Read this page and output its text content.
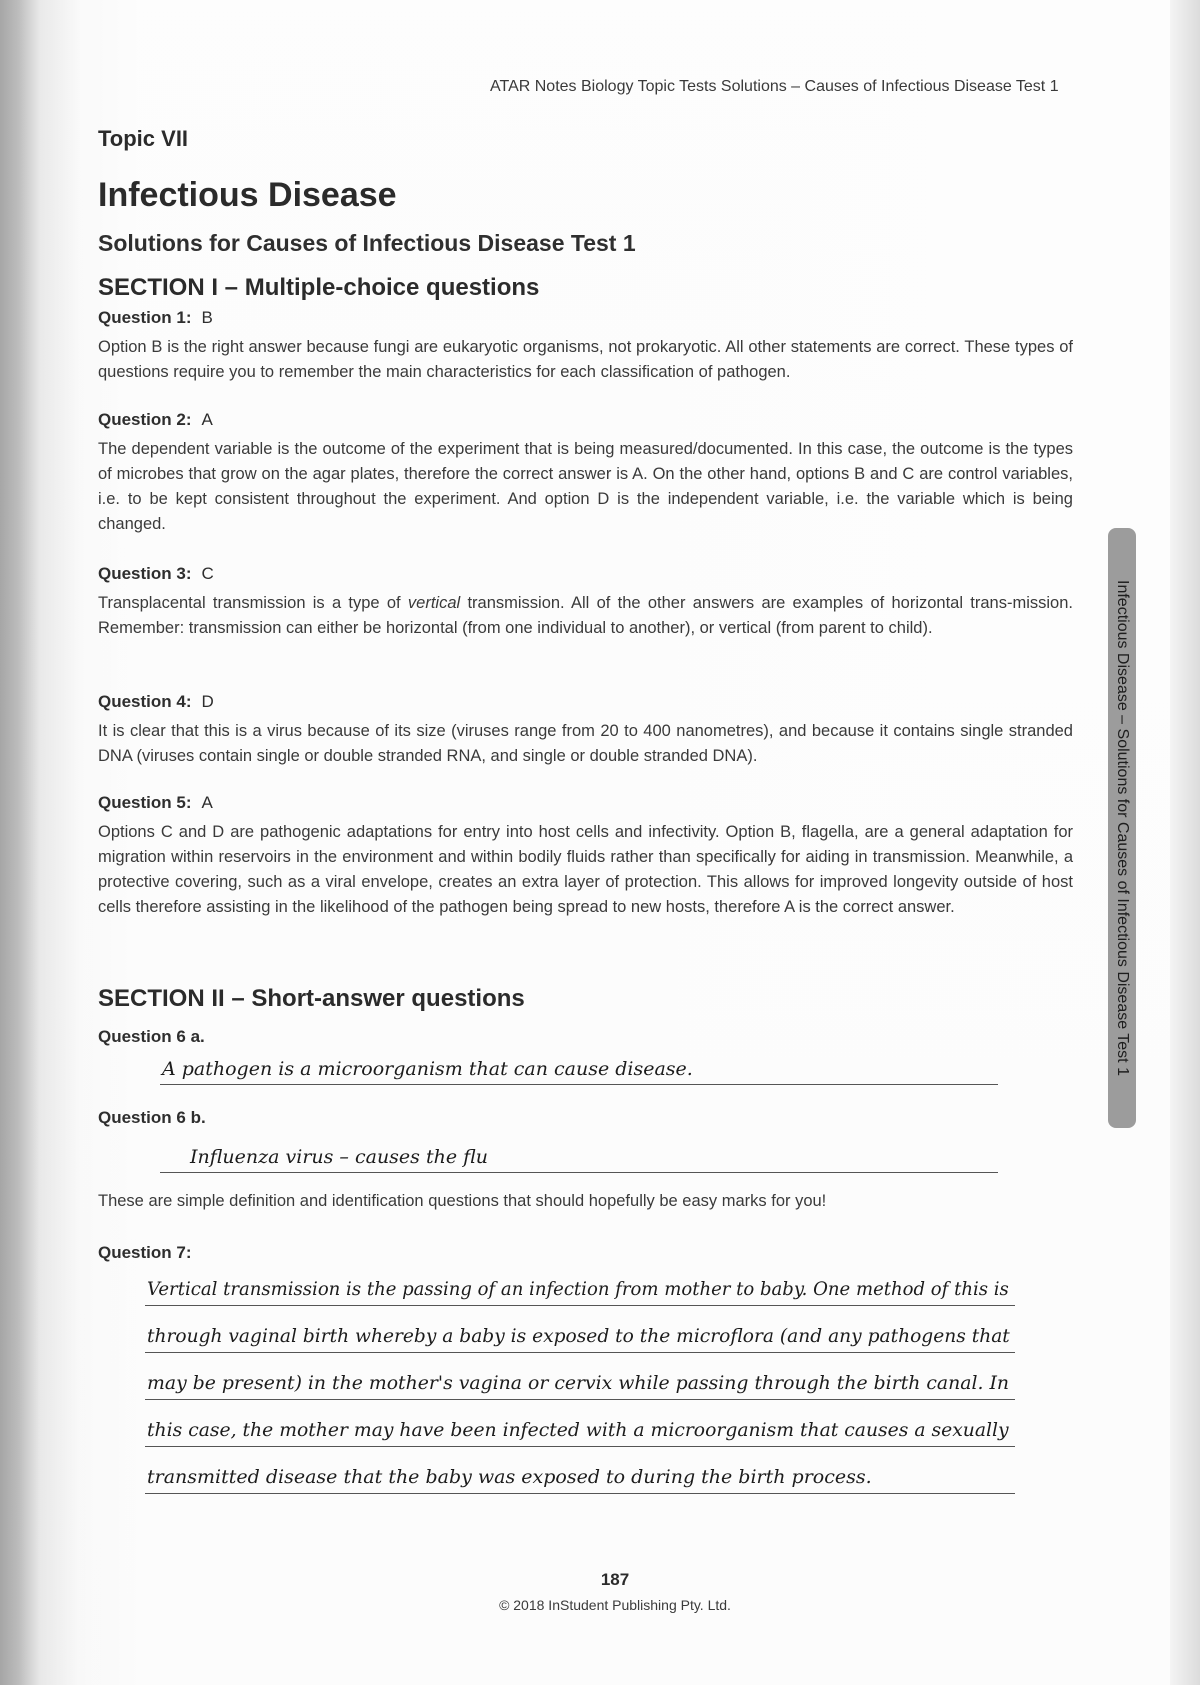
ATAR Notes Biology Topic Tests Solutions – Causes of Infectious Disease Test 1
Topic VII
Infectious Disease
Solutions for Causes of Infectious Disease Test 1
SECTION I – Multiple-choice questions
Question 1: B
Option B is the right answer because fungi are eukaryotic organisms, not prokaryotic. All other statements are correct. These types of questions require you to remember the main characteristics for each classification of pathogen.
Question 2: A
The dependent variable is the outcome of the experiment that is being measured/documented. In this case, the outcome is the types of microbes that grow on the agar plates, therefore the correct answer is A. On the other hand, options B and C are control variables, i.e. to be kept consistent throughout the experiment. And option D is the independent variable, i.e. the variable which is being changed.
Question 3: C
Transplacental transmission is a type of vertical transmission. All of the other answers are examples of horizontal trans-mission. Remember: transmission can either be horizontal (from one individual to another), or vertical (from parent to child).
Question 4: D
It is clear that this is a virus because of its size (viruses range from 20 to 400 nanometres), and because it contains single stranded DNA (viruses contain single or double stranded RNA, and single or double stranded DNA).
Question 5: A
Options C and D are pathogenic adaptations for entry into host cells and infectivity. Option B, flagella, are a general adaptation for migration within reservoirs in the environment and within bodily fluids rather than specifically for aiding in transmission. Meanwhile, a protective covering, such as a viral envelope, creates an extra layer of protection. This allows for improved longevity outside of host cells therefore assisting in the likelihood of the pathogen being spread to new hosts, therefore A is the correct answer.
SECTION II – Short-answer questions
Question 6 a.
A pathogen is a microorganism that can cause disease.
Question 6 b.
Influenza virus – causes the flu
These are simple definition and identification questions that should hopefully be easy marks for you!
Question 7:
Vertical transmission is the passing of an infection from mother to baby. One method of this is
through vaginal birth whereby a baby is exposed to the microflora (and any pathogens that
may be present) in the mother's vagina or cervix while passing through the birth canal. In
this case, the mother may have been infected with a microorganism that causes a sexually
transmitted disease that the baby was exposed to during the birth process.
187
© 2018 InStudent Publishing Pty. Ltd.
Infectious Disease – Solutions for Causes of Infectious Disease Test 1
